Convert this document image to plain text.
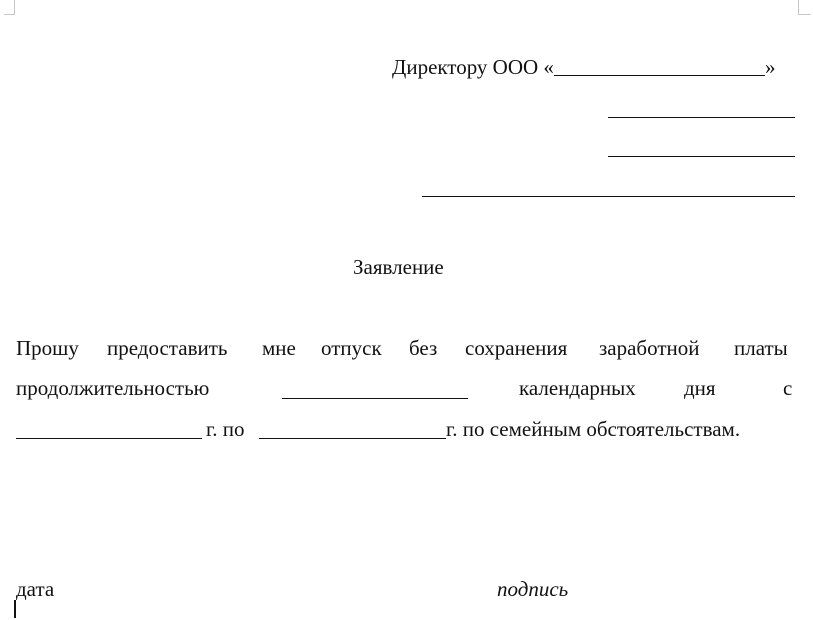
Директору ООО «	»
Заявление
Прошу предоставить мне отпуск без сохранения заработной платы
продолжительностью	календарных дня	с
г. по	г. по семейным обстоятельствам.
дата	подпись
